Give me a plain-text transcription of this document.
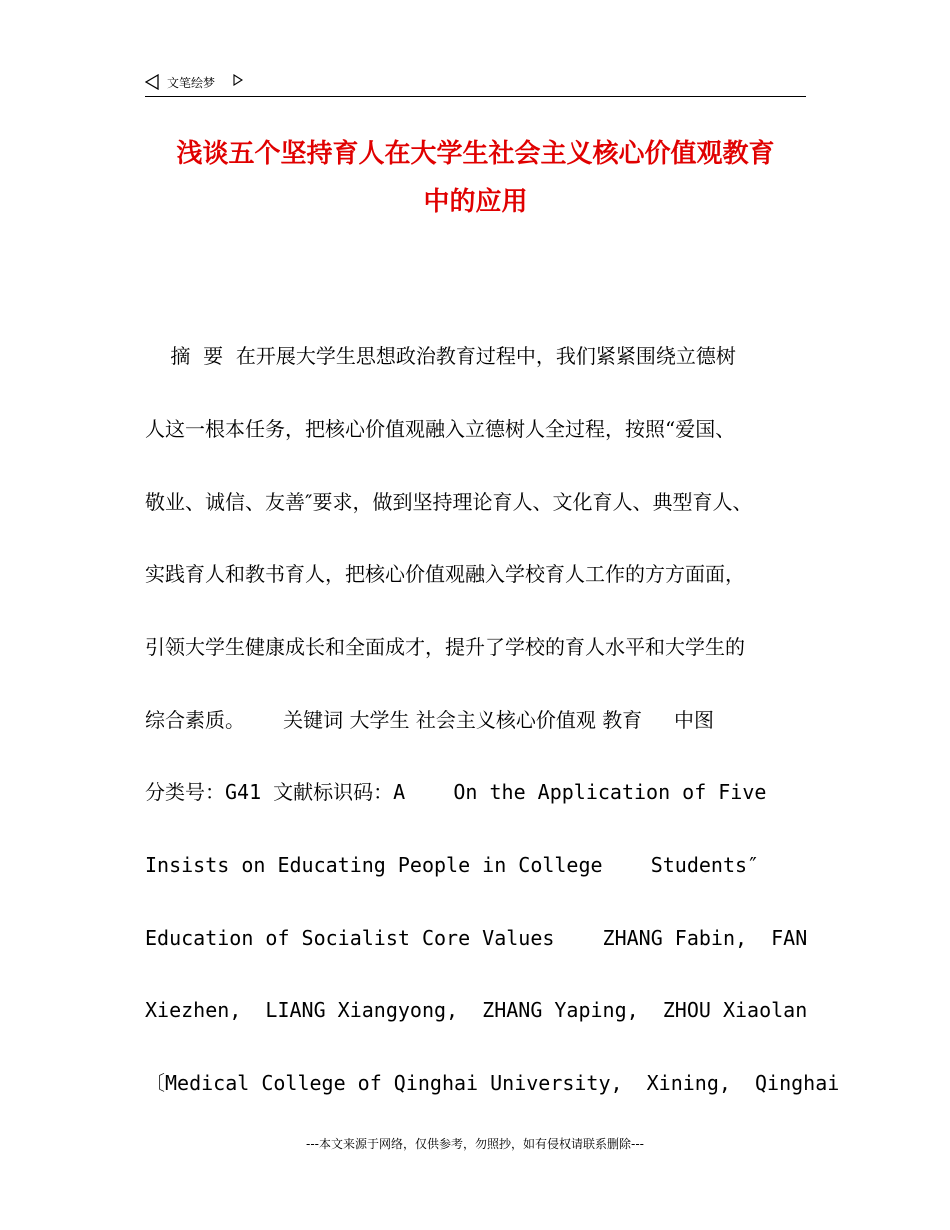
文笔绘梦
浅谈五个坚持育人在大学生社会主义核心价值观教育
中的应用
摘  要  在开展大学生思想政治教育过程中，我们紧紧围绕立德树
人这一根本任务，把核心价值观融入立德树人全过程，按照“爱国、
敬业、诚信、友善″要求，做到坚持理论育人、文化育人、典型育人、
实践育人和教书育人，把核心价值观融入学校育人工作的方方面面，
引领大学生健康成长和全面成才，提升了学校的育人水平和大学生的
综合素质。      关键词 大学生 社会主义核心价值观 教育     中图
分类号：G41 文献标识码：A    On the Application of Five
Insists on Educating People in College    Students″
Education of Socialist Core Values    ZHANG Fabin,  FAN
Xiezhen,  LIANG Xiangyong,  ZHANG Yaping,  ZHOU Xiaolan
〔Medical College of Qinghai University,  Xining,  Qinghai
---本文来源于网络，仅供参考，勿照抄，如有侵权请联系删除---
